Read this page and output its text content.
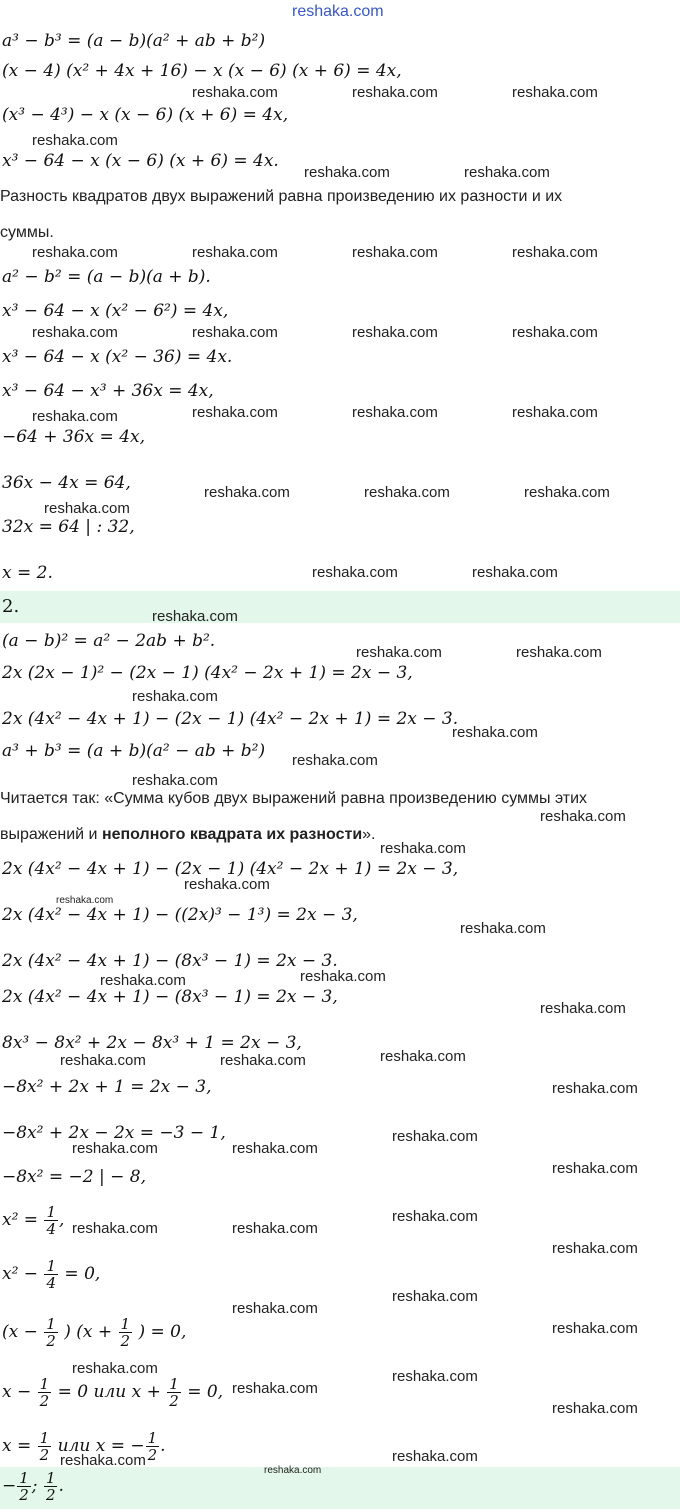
reshaka.com
a³ − b³ = (a − b)(a² + ab + b²)
(x − 4) (x² + 4x + 16) − x (x − 6) (x + 6) = 4x,
(x³ − 4³) − x (x − 6) (x + 6) = 4x,
x³ − 64 − x (x − 6) (x + 6) = 4x.
Разность квадратов двух выражений равна произведению их разности и их
суммы.
a² − b² = (a − b)(a + b).
x³ − 64 − x (x² − 6²) = 4x,
x³ − 64 − x (x² − 36) = 4x.
x³ − 64 − x³ + 36x = 4x,
−64 + 36x = 4x,
36x − 4x = 64,
32x = 64 | : 32,
x = 2.
2.
(a − b)² = a² − 2ab + b².
2x (2x − 1)² − (2x − 1) (4x² − 2x + 1) = 2x − 3,
2x (4x² − 4x + 1) − (2x − 1) (4x² − 2x + 1) = 2x − 3.
a³ + b³ = (a + b)(a² − ab + b²)
Читается так: «Сумма кубов двух выражений равна произведению суммы этих
выражений и неполного квадрата их разности».
2x (4x² − 4x + 1) − (2x − 1) (4x² − 2x + 1) = 2x − 3,
2x (4x² − 4x + 1) − ((2x)³ − 1³) = 2x − 3,
2x (4x² − 4x + 1) − (8x³ − 1) = 2x − 3.
2x (4x² − 4x + 1) − (8x³ − 1) = 2x − 3,
8x³ − 8x² + 2x − 8x³ + 1 = 2x − 3,
−8x² + 2x + 1 = 2x − 3,
−8x² + 2x − 2x = −3 − 1,
−8x² = −2 | − 8,
$x^2 = \frac{1}{4}$ ,
$x^2 - \frac{1}{4} = 0$,
($x - \frac{1}{2}$ ) ($x + \frac{1}{2}$ ) = 0,
$x - \frac{1}{2} = 0$ или $x + \frac{1}{2} = 0$,
$x = \frac{1}{2}$ или x = − $\frac{1}{2}$ .
− $\frac{1}{2}$ ; $\frac{1}{2}$ .
reshaka.com	reshaka.com	reshaka.com
reshaka.com
reshaka.com	reshaka.com
reshaka.com	reshaka.com	reshaka.com	reshaka.com
reshaka.com	reshaka.com	reshaka.com	reshaka.com
reshaka.com	reshaka.com	reshaka.com	reshaka.com
reshaka.com	reshaka.com	reshaka.com
reshaka.com
reshaka.com	reshaka.com
reshaka.com
reshaka.com	reshaka.com
reshaka.com
reshaka.com
reshaka.com
reshaka.com
reshaka.com
reshaka.com
reshaka.com
reshaka.com
reshaka.com
reshaka.com	reshaka.com
reshaka.com
reshaka.com
reshaka.com	reshaka.com
reshaka.com
reshaka.com
reshaka.com	reshaka.com
reshaka.com
reshaka.com
reshaka.com	reshaka.com
reshaka.com
reshaka.com
reshaka.com
reshaka.com
reshaka.com	reshaka.com
reshaka.com
reshaka.com
reshaka.com
reshaka.com
reshaka.com
